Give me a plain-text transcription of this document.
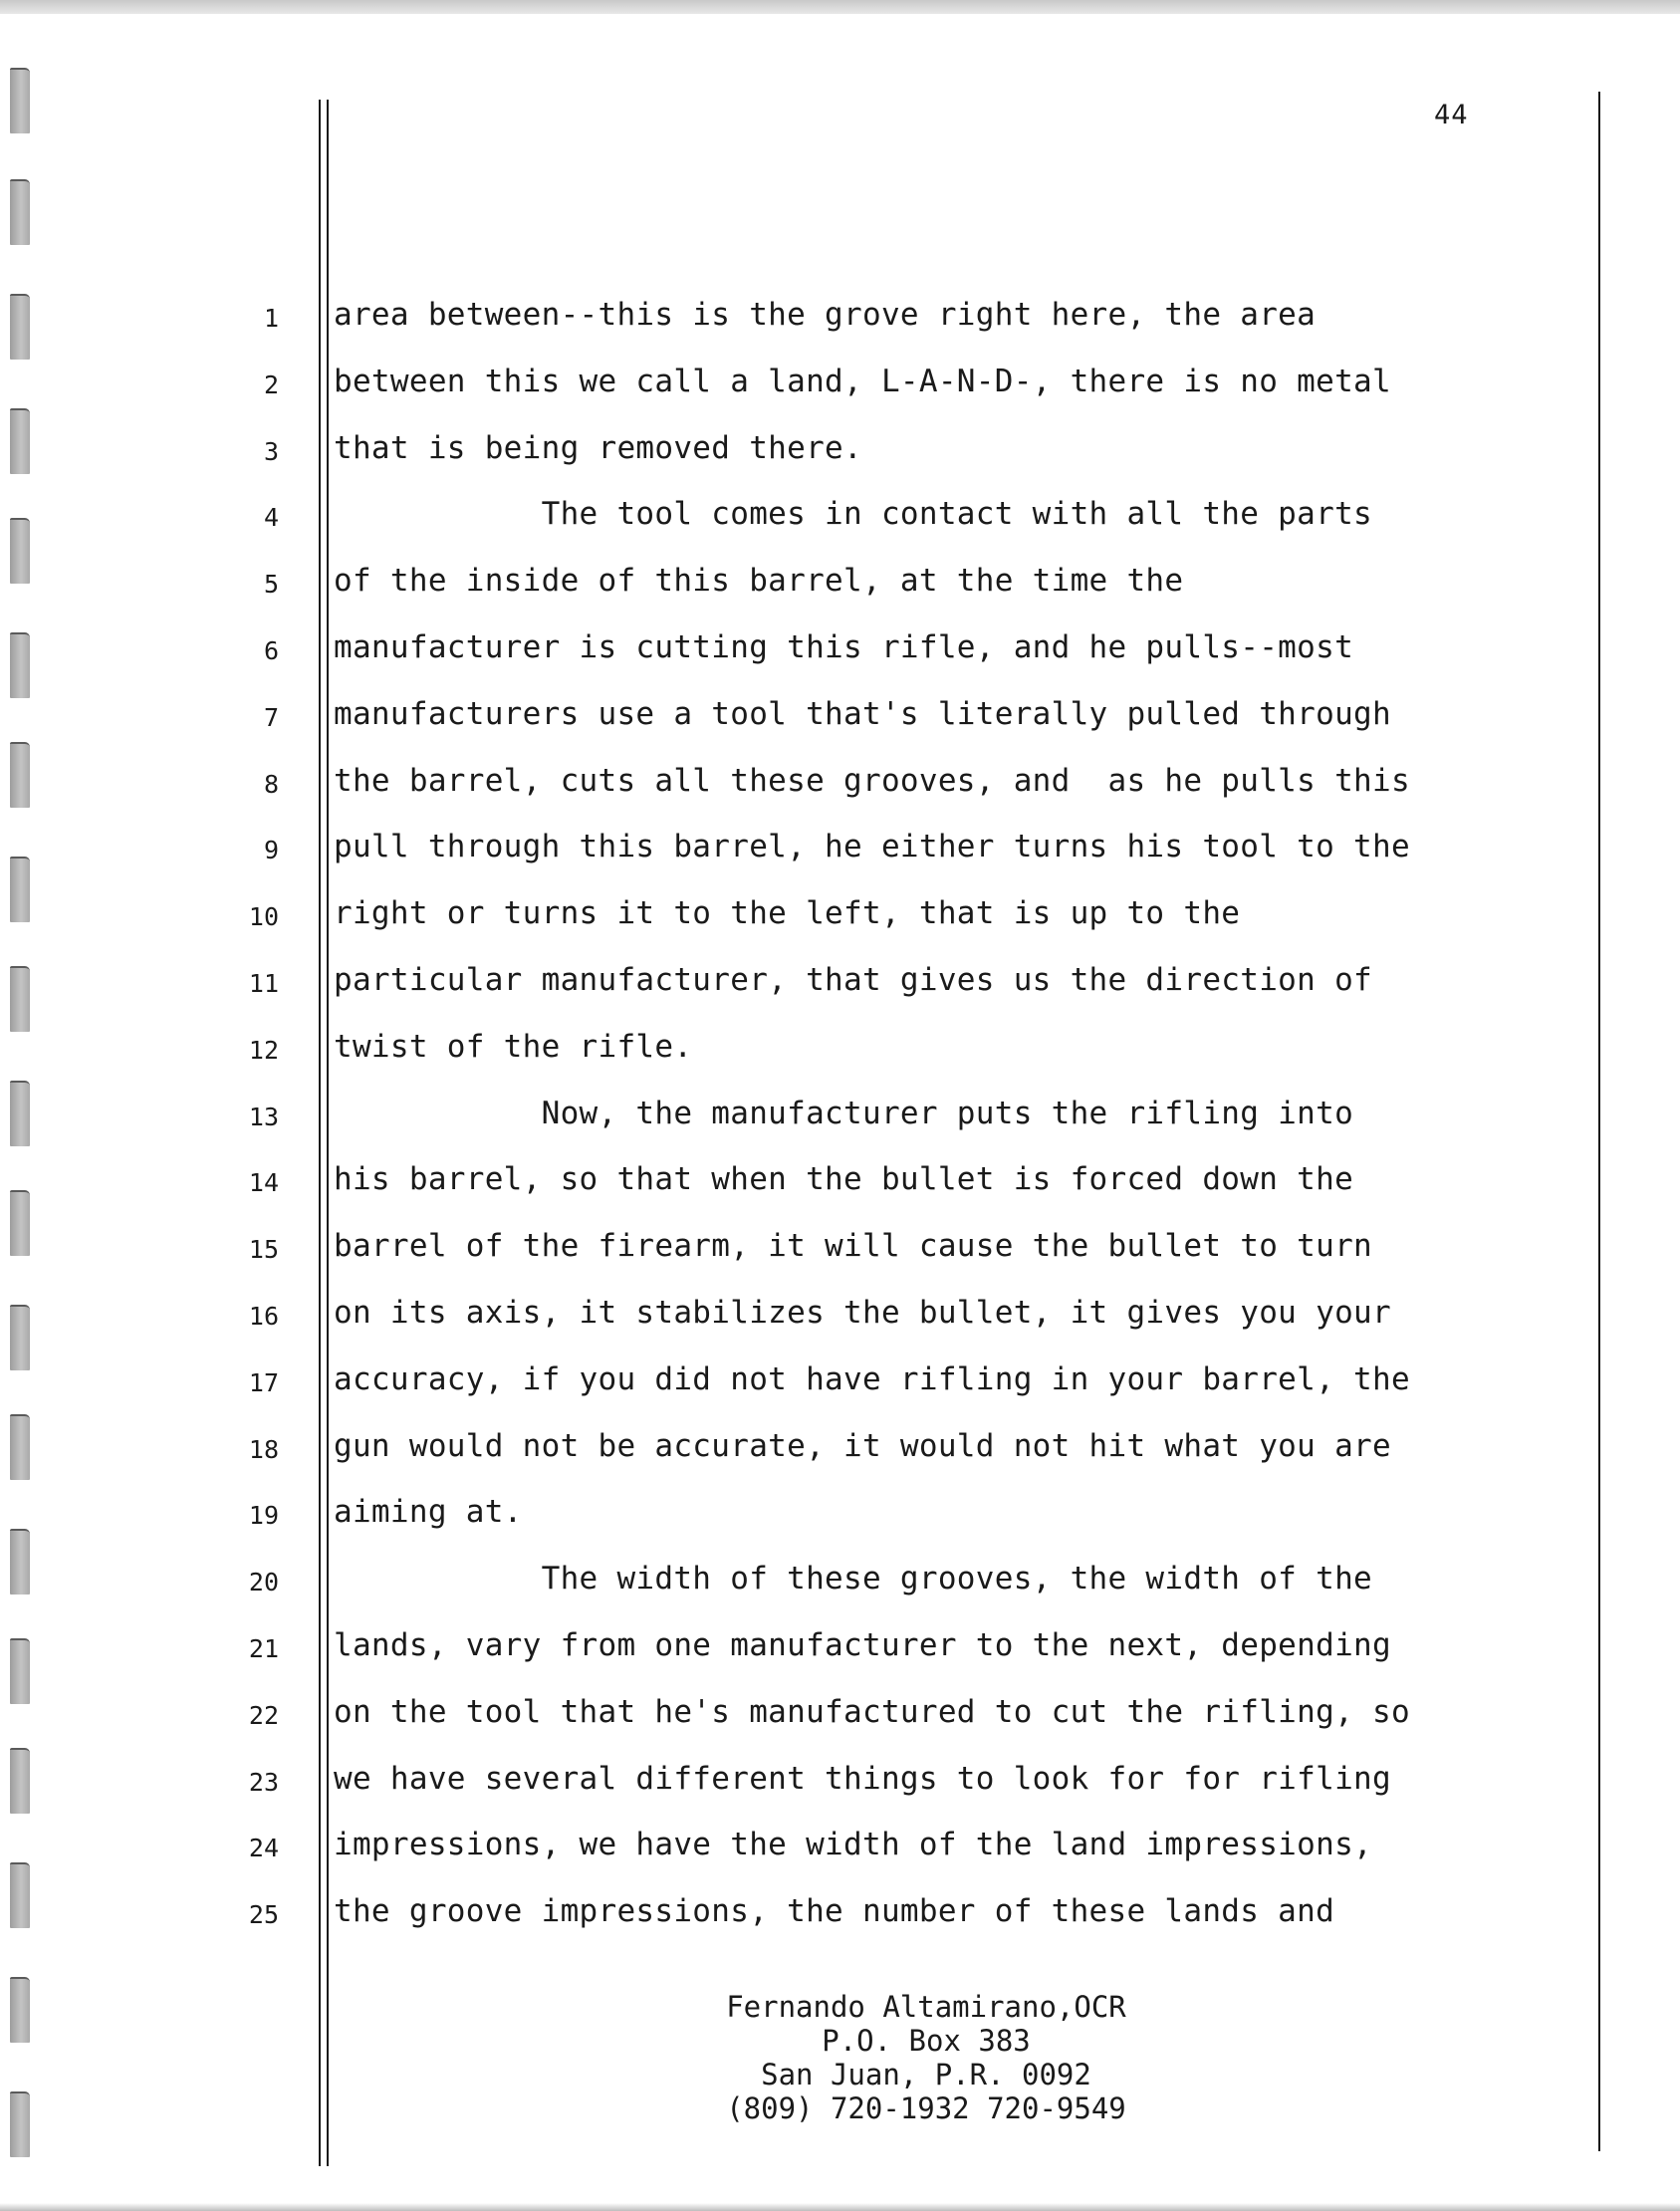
44
1
2
3
4
5
6
7
8
9
10
11
12
13
14
15
16
17
18
19
20
21
22
23
24
25
area between--this is the grove right here, the area
between this we call a land, L-A-N-D-, there is no metal
that is being removed there.
The tool comes in contact with all the parts
of the inside of this barrel, at the time the
manufacturer is cutting this rifle, and he pulls--most
manufacturers use a tool that's literally pulled through
the barrel, cuts all these grooves, and  as he pulls this
pull through this barrel, he either turns his tool to the
right or turns it to the left, that is up to the
particular manufacturer, that gives us the direction of
twist of the rifle.
Now, the manufacturer puts the rifling into
his barrel, so that when the bullet is forced down the
barrel of the firearm, it will cause the bullet to turn
on its axis, it stabilizes the bullet, it gives you your
accuracy, if you did not have rifling in your barrel, the
gun would not be accurate, it would not hit what you are
aiming at.
The width of these grooves, the width of the
lands, vary from one manufacturer to the next, depending
on the tool that he's manufactured to cut the rifling, so
we have several different things to look for for rifling
impressions, we have the width of the land impressions,
the groove impressions, the number of these lands and
Fernando Altamirano,OCR
P.O. Box 383
San Juan, P.R. 0092
(809) 720-1932 720-9549
